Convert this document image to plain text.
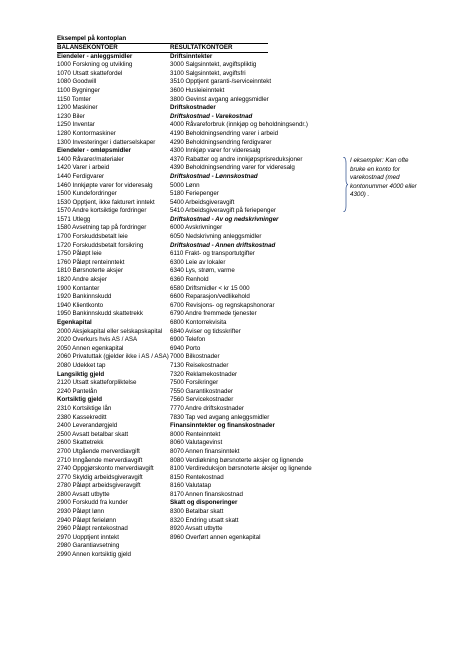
Eksempel på kontoplan
BALANSEKONTOER
Eiendeler - anleggsmidler
1000 Forskning og utvikling
1070 Utsatt skattefordel
1080 Goodwill
1100 Bygninger
1150 Tomter
1200 Maskiner
1230 Biler
1250 Inventar
1280 Kontormaskiner
1300 Investeringer i datterselskaper
Eiendeler - omløpsmidler
1400 Råvarer/materialer
1420 Varer i arbeid
1440 Ferdigvarer
1460 Innkjøpte varer for videresalg
1500 Kundefordringer
1530 Opptjent, ikke fakturert inntekt
1570 Andre kortsiktige fordringer
1571 Utlegg
1580 Avsetning tap på fordringer
1700 Forskuddsbetalt leie
1720 Forskuddsbetalt forsikring
1750 Påløpt leie
1760 Påløpt renteinntekt
1810 Børsnoterte aksjer
1820 Andre aksjer
1900 Kontanter
1920 Bankinnskudd
1940 Klientkonto
1950 Bankinnskudd skattetrekk
Egenkapital
2000 Aksjekapital eller selskapskapital
2020 Overkurs hvis AS / ASA
2050 Annen egenkapital
2060 Privatuttak (gjelder ikke i AS / ASA)
2080 Udekket tap
Langsiktig gjeld
2120 Utsatt skatteforpliktelse
2240 Pantelån
Kortsiktig gjeld
2310 Kortsiktige lån
2380 Kassekreditt
2400 Leverandørgjeld
2500 Avsatt betalbar skatt
2600 Skattetrekk
2700 Utgående merverdiavgift
2710 Inngående merverdiavgift
2740 Oppgjørskonto merverdiavgift
2770 Skyldig arbeidsgiveravgift
2780 Påløpt arbeidsgiveravgift
2800 Avsatt utbytte
2900 Forskudd fra kunder
2930 Påløpt lønn
2940 Påløpt ferielønn
2960 Påløpt rentekostnad
2970 Uopptjent inntekt
2980 Garantiavsetning
2990 Annen kortsiktig gjeld
RESULTATKONTOER
Driftsinntekter
3000 Salgsinntekt, avgiftspliktig
3100 Salgsinntekt, avgiftsfri
3510 Opptjent garanti-/serviceinntekt
3600 Husleieinntekt
3800 Gevinst avgang anleggsmidler
Driftskostnader
Driftskostnad - Varekostnad
4000 Råvareforbruk (innkjøp og beholdningsendr.)
4190 Beholdningsendring varer i arbeid
4290 Beholdningsendring ferdigvarer
4300 Innkjøp varer for videresalg
4370 Rabatter og andre innkjøpsprisreduksjoner
4390 Beholdningsendring varer for videresalg
Driftskostnad - Lønnskostnad
5000 Lønn
5180 Feriepenger
5400 Arbeidsgiveravgift
5410 Arbeidsgiveravgift på feriepenger
Driftskostnad - Av og nedskrivninger
6000 Avskrivninger
6050 Nedskrivning anleggsmidler
Driftskostnad - Annen driftskostnad
6110 Frakt- og transportutgifter
6300 Leie av lokaler
6340 Lys, strøm, varme
6360 Renhold
6580 Driftsmidler < kr 15 000
6600 Reparasjon/vedlikehold
6700 Revisjons- og regnskapshonorar
6790 Andre fremmede tjenester
6800 Kontorrekvisita
6840 Aviser og tidsskrifter
6900 Telefon
6940 Porto
7000 Bilkostnader
7130 Reisekostnader
7320 Reklamekostnader
7500 Forsikringer
7550 Garantikostnader
7560 Servicekostnader
7770 Andre driftskostnader
7830 Tap ved avgang anleggsmidler
Finansinntekter og finanskostnader
8000 Renteinntekt
8060 Valutagevinst
8070 Annen finansinntekt
8080 Verdiøkning børsnoterte aksjer og lignende
8100 Verdireduksjon børsnoterte aksjer og lignende
8150 Rentekostnad
8160 Valutatap
8170 Annen finanskostnad
Skatt og disponeringer
8300 Betalbar skatt
8320 Endring utsatt skatt
8920 Avsatt utbytte
8960 Overført annen egenkapital
I eksempler: Kan ofte bruke en konto for varekostnad (med kontonummer 4000 eller 4300) .
